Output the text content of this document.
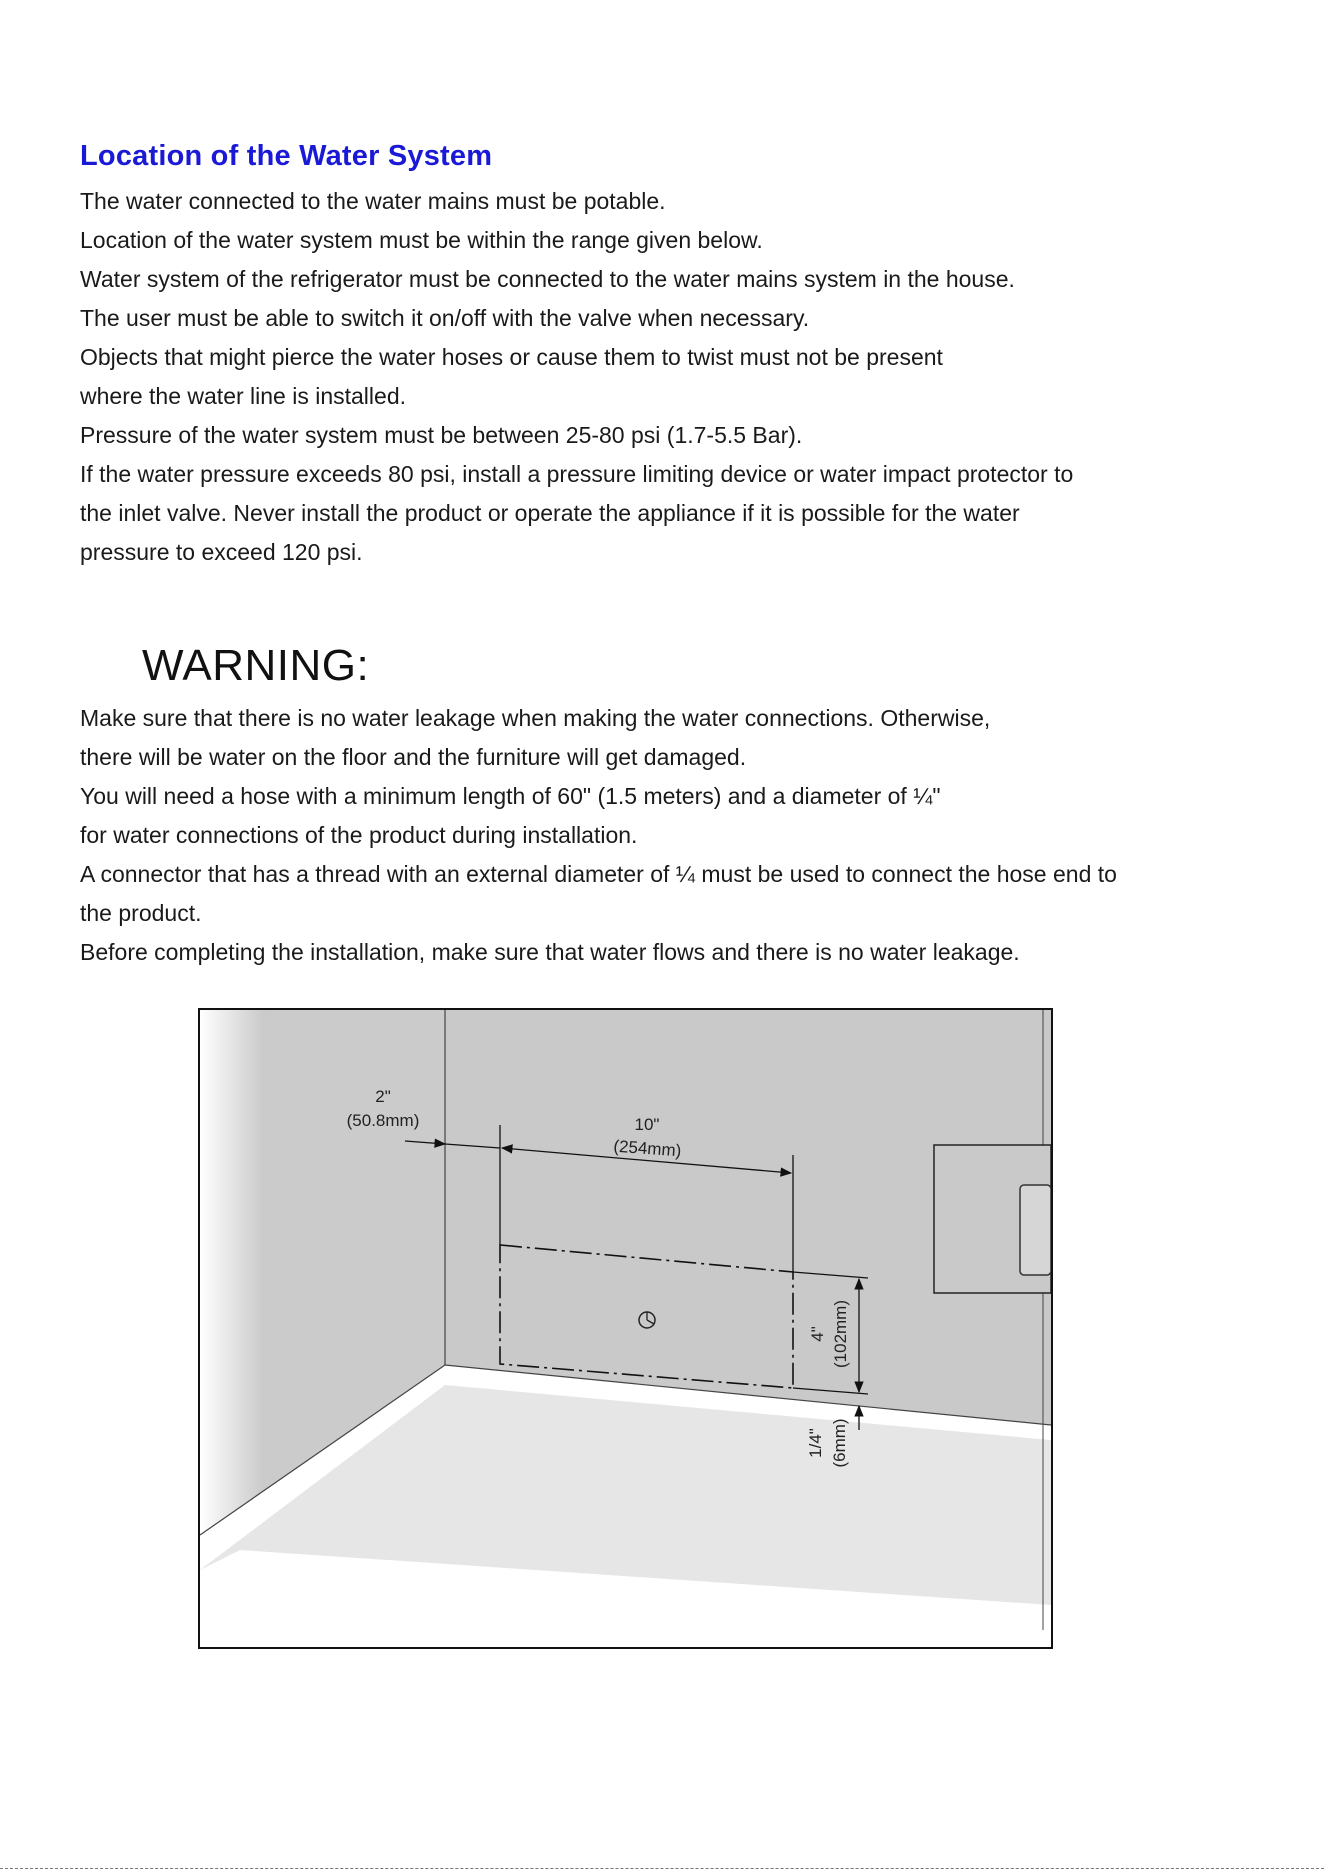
Location of the Water System
The water connected to the water mains must be potable.
Location of the water system must be within the range given below.
Water system of the refrigerator must be connected to the water mains system in the house.
The user must be able to switch it on/off with the valve when necessary.
Objects that might pierce the water hoses or cause them to twist must not be present
where the water line is installed.
Pressure of the water system must be between 25-80 psi (1.7-5.5 Bar).
If the water pressure exceeds 80 psi, install a pressure limiting device or water impact protector to
the inlet valve. Never install the product or operate the appliance if it is possible for the water
pressure to exceed 120 psi.
WARNING:
Make sure that there is no water leakage when making the water connections. Otherwise,
there will be water on the floor and the furniture will get damaged.
You will need a hose with a minimum length of 60" (1.5 meters) and a diameter of ¼"
for water connections of the product during installation.
A connector that has a thread with an external diameter of ¼ must be used to connect the hose end to
the product.
Before completing the installation, make sure that water flows and there is no water leakage.
2"
(50.8mm)	10"
(254mm)
4" (102mm)
1/4" (6mm)
